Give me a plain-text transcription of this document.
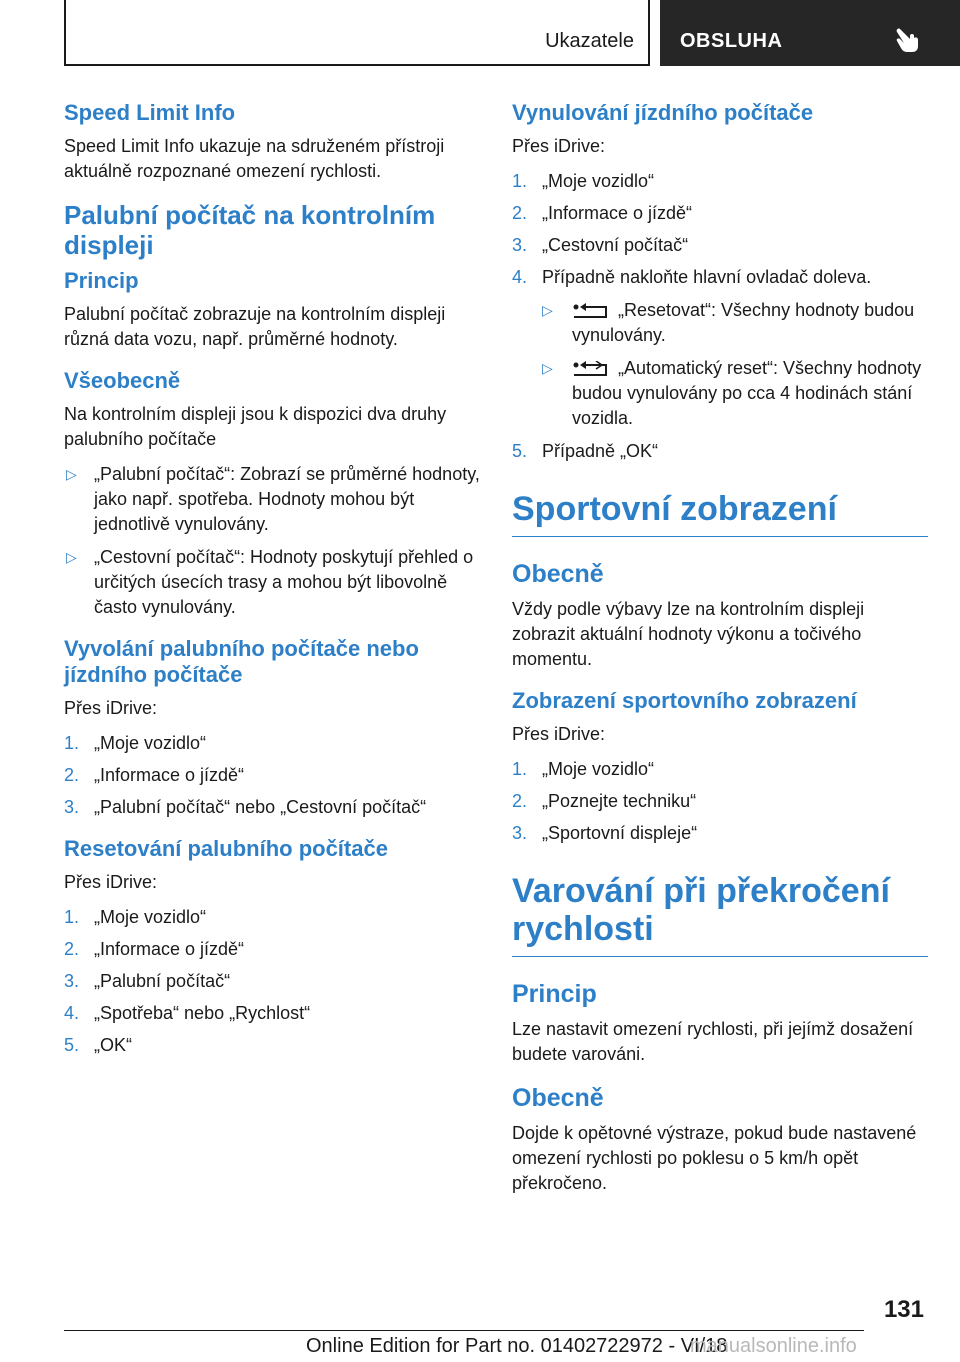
Ukazatele OBSLUHA
Speed Limit Info

Speed Limit Info ukazuje na sdruženém přístroji aktuálně rozpoznané omezení rychlosti.

Palubní počítač na kontrolním displeji
Princip

Palubní počítač zobrazuje na kontrolním displeji různá data vozu, např. průměrné hodnoty.

Všeobecně

Na kontrolním displeji jsou k dispozici dva druhy palubního počítače

▷ „Palubní počítač“: Zobrazí se průměrné hodnoty, jako např. spotřeba. Hodnoty mohou být jednotlivě vynulovány.
▷ „Cestovní počítač“: Hodnoty poskytují přehled o určitých úsecích trasy a mohou být libovolně často vynulovány.
Vyvolání palubního počítače nebo jízdního počítače

Přes iDrive:

1. „Moje vozidlo“
2. „Informace o jízdě“
3. „Palubní počítač“ nebo „Cestovní počítač“
Resetování palubního počítače

Přes iDrive:

1. „Moje vozidlo“
2. „Informace o jízdě“
3. „Palubní počítač“
4. „Spotřeba“ nebo „Rychlost“
5. „OK“
Vynulování jízdního počítače

Přes iDrive:

1. „Moje vozidlo“
2. „Informace o jízdě“
3. „Cestovní počítač“
4. Případně nakloňte hlavní ovladač doleva.
▷	„Resetovat“: Všechny hodnoty budou vynulovány.
▷	„Automatický reset“: Všechny hodnoty budou vynulovány po cca 4 hodinách stání vozidla.
5. Případně „OK“
Sportovní zobrazení
Obecně

Vždy podle výbavy lze na kontrolním displeji zobrazit aktuální hodnoty výkonu a točivého momentu.

Zobrazení sportovního zobrazení

Přes iDrive:

1. „Moje vozidlo“
2. „Poznejte techniku“
3. „Sportovní displeje“
Varování při překročení rychlosti
Princip

Lze nastavit omezení rychlosti, při jejímž dosažení budete varováni.

Obecně

Dojde k opětovné výstraze, pokud bude nastavené omezení rychlosti po poklesu o 5 km/h opět překročeno.

131
Online Edition for Part no. 01402722972 - VI/18
manualsonline.info
